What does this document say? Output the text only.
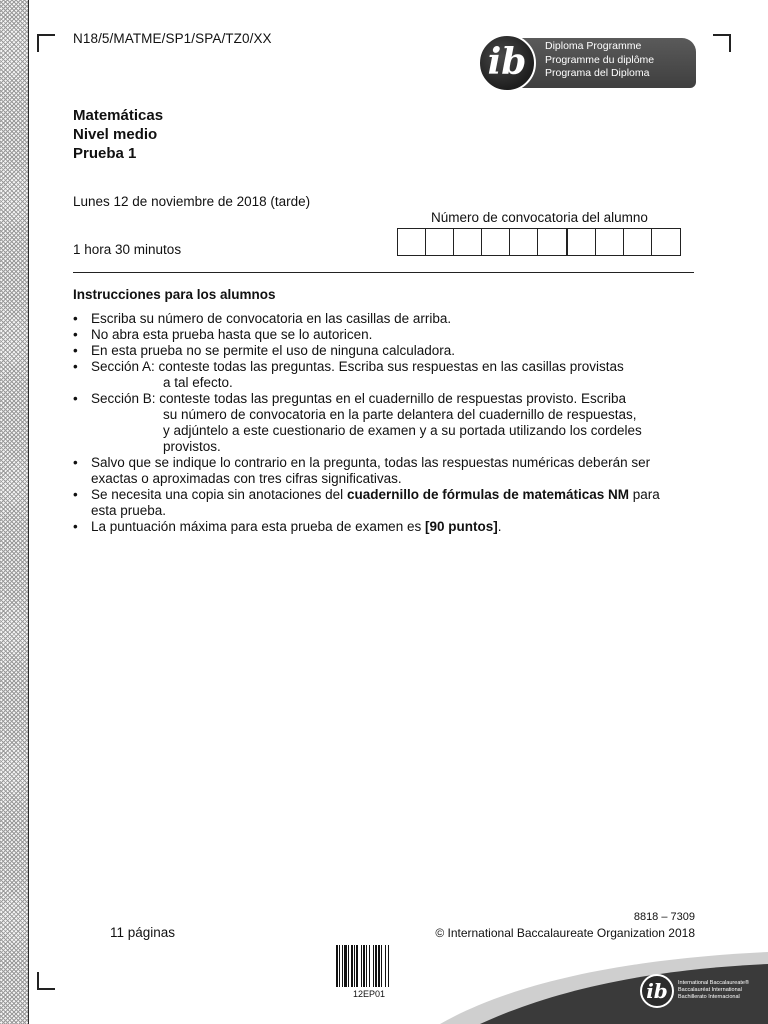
N18/5/MATME/SP1/SPA/TZ0/XX
ib	Diploma Programme
Programme du diplôme
Programa del Diploma
Matemáticas
Nivel medio
Prueba 1
Lunes 12 de noviembre de 2018 (tarde)
1 hora 30 minutos
Número de convocatoria del alumno
Instrucciones para los alumnos
• Escriba su número de convocatoria en las casillas de arriba.
• No abra esta prueba hasta que se lo autoricen.
• En esta prueba no se permite el uso de ninguna calculadora.
• Sección A: conteste todas las preguntas. Escriba sus respuestas en las casillas provistas
a tal efecto.
• Sección B: conteste todas las preguntas en el cuadernillo de respuestas provisto. Escriba
su número de convocatoria en la parte delantera del cuadernillo de respuestas,
y adjúntelo a este cuestionario de examen y a su portada utilizando los cordeles
provistos.
• Salvo que se indique lo contrario en la pregunta, todas las respuestas numéricas deberán ser
exactas o aproximadas con tres cifras significativas.
• Se necesita una copia sin anotaciones del cuadernillo de fórmulas de matemáticas NM para
esta prueba.
• La puntuación máxima para esta prueba de examen es [90 puntos].
11 páginas
8818 – 7309
© International Baccalaureate Organization 2018
12EP01	ib	International Baccalaureate®
Baccalauréat International
Bachillerato Internacional
